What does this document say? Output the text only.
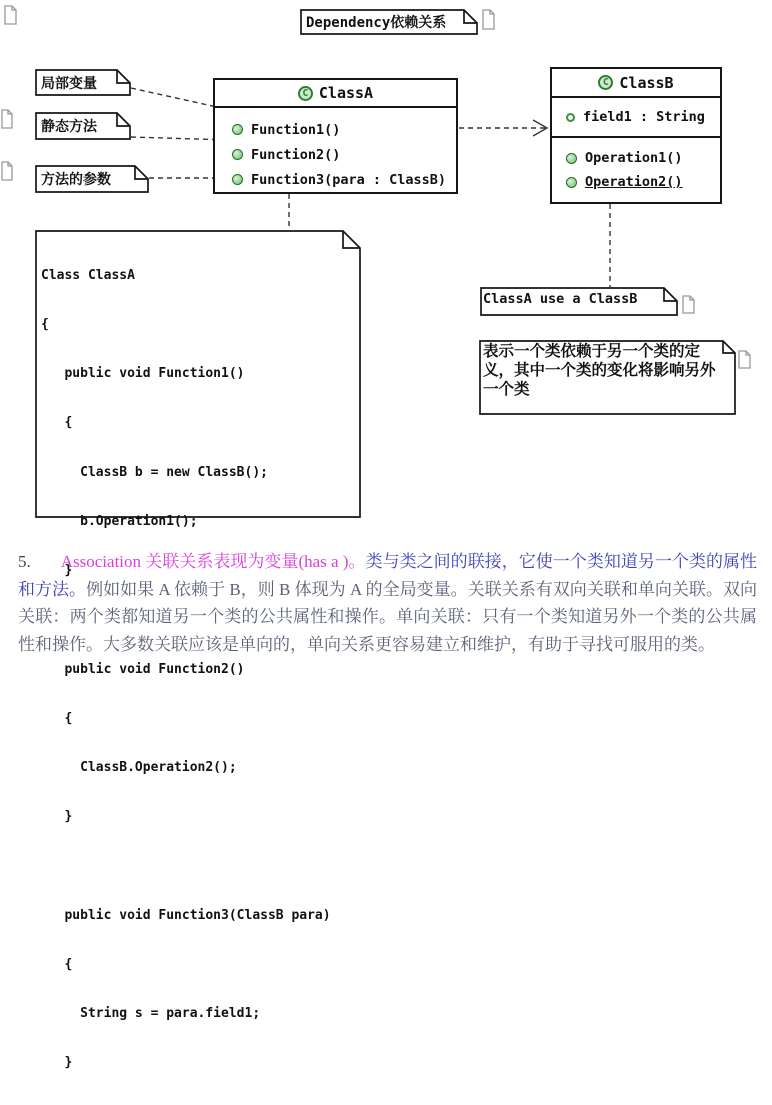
Dependency依赖关系
局部变量
静态方法
方法的参数
C ClassA
Function1()
Function2()
Function3(para : ClassB)
C ClassB
field1 : String
Operation1()
Operation2()

Class ClassA

{

public void Function1()

{

ClassB b = new ClassB();

b.Operation1();

}

public void Function2()

{

ClassB.Operation2();

}

public void Function3(ClassB para)

{

String s = para.field1;

}

ClassA use a ClassB
表示一个类依赖于另一个类的定义，其中一个类的变化将影响另外一个类
5. Association 关联关系表现为变量(has a )。类与类之间的联接，它使一个类知道另一个类的属性和方法。例如如果 A 依赖于 B，则 B 体现为 A 的全局变量。关联关系有双向关联和单向关联。双向关联：两个类都知道另一个类的公共属性和操作。单向关联：只有一个类知道另外一个类的公共属性和操作。大多数关联应该是单向的，单向关系更容易建立和维护，有助于寻找可服用的类。
